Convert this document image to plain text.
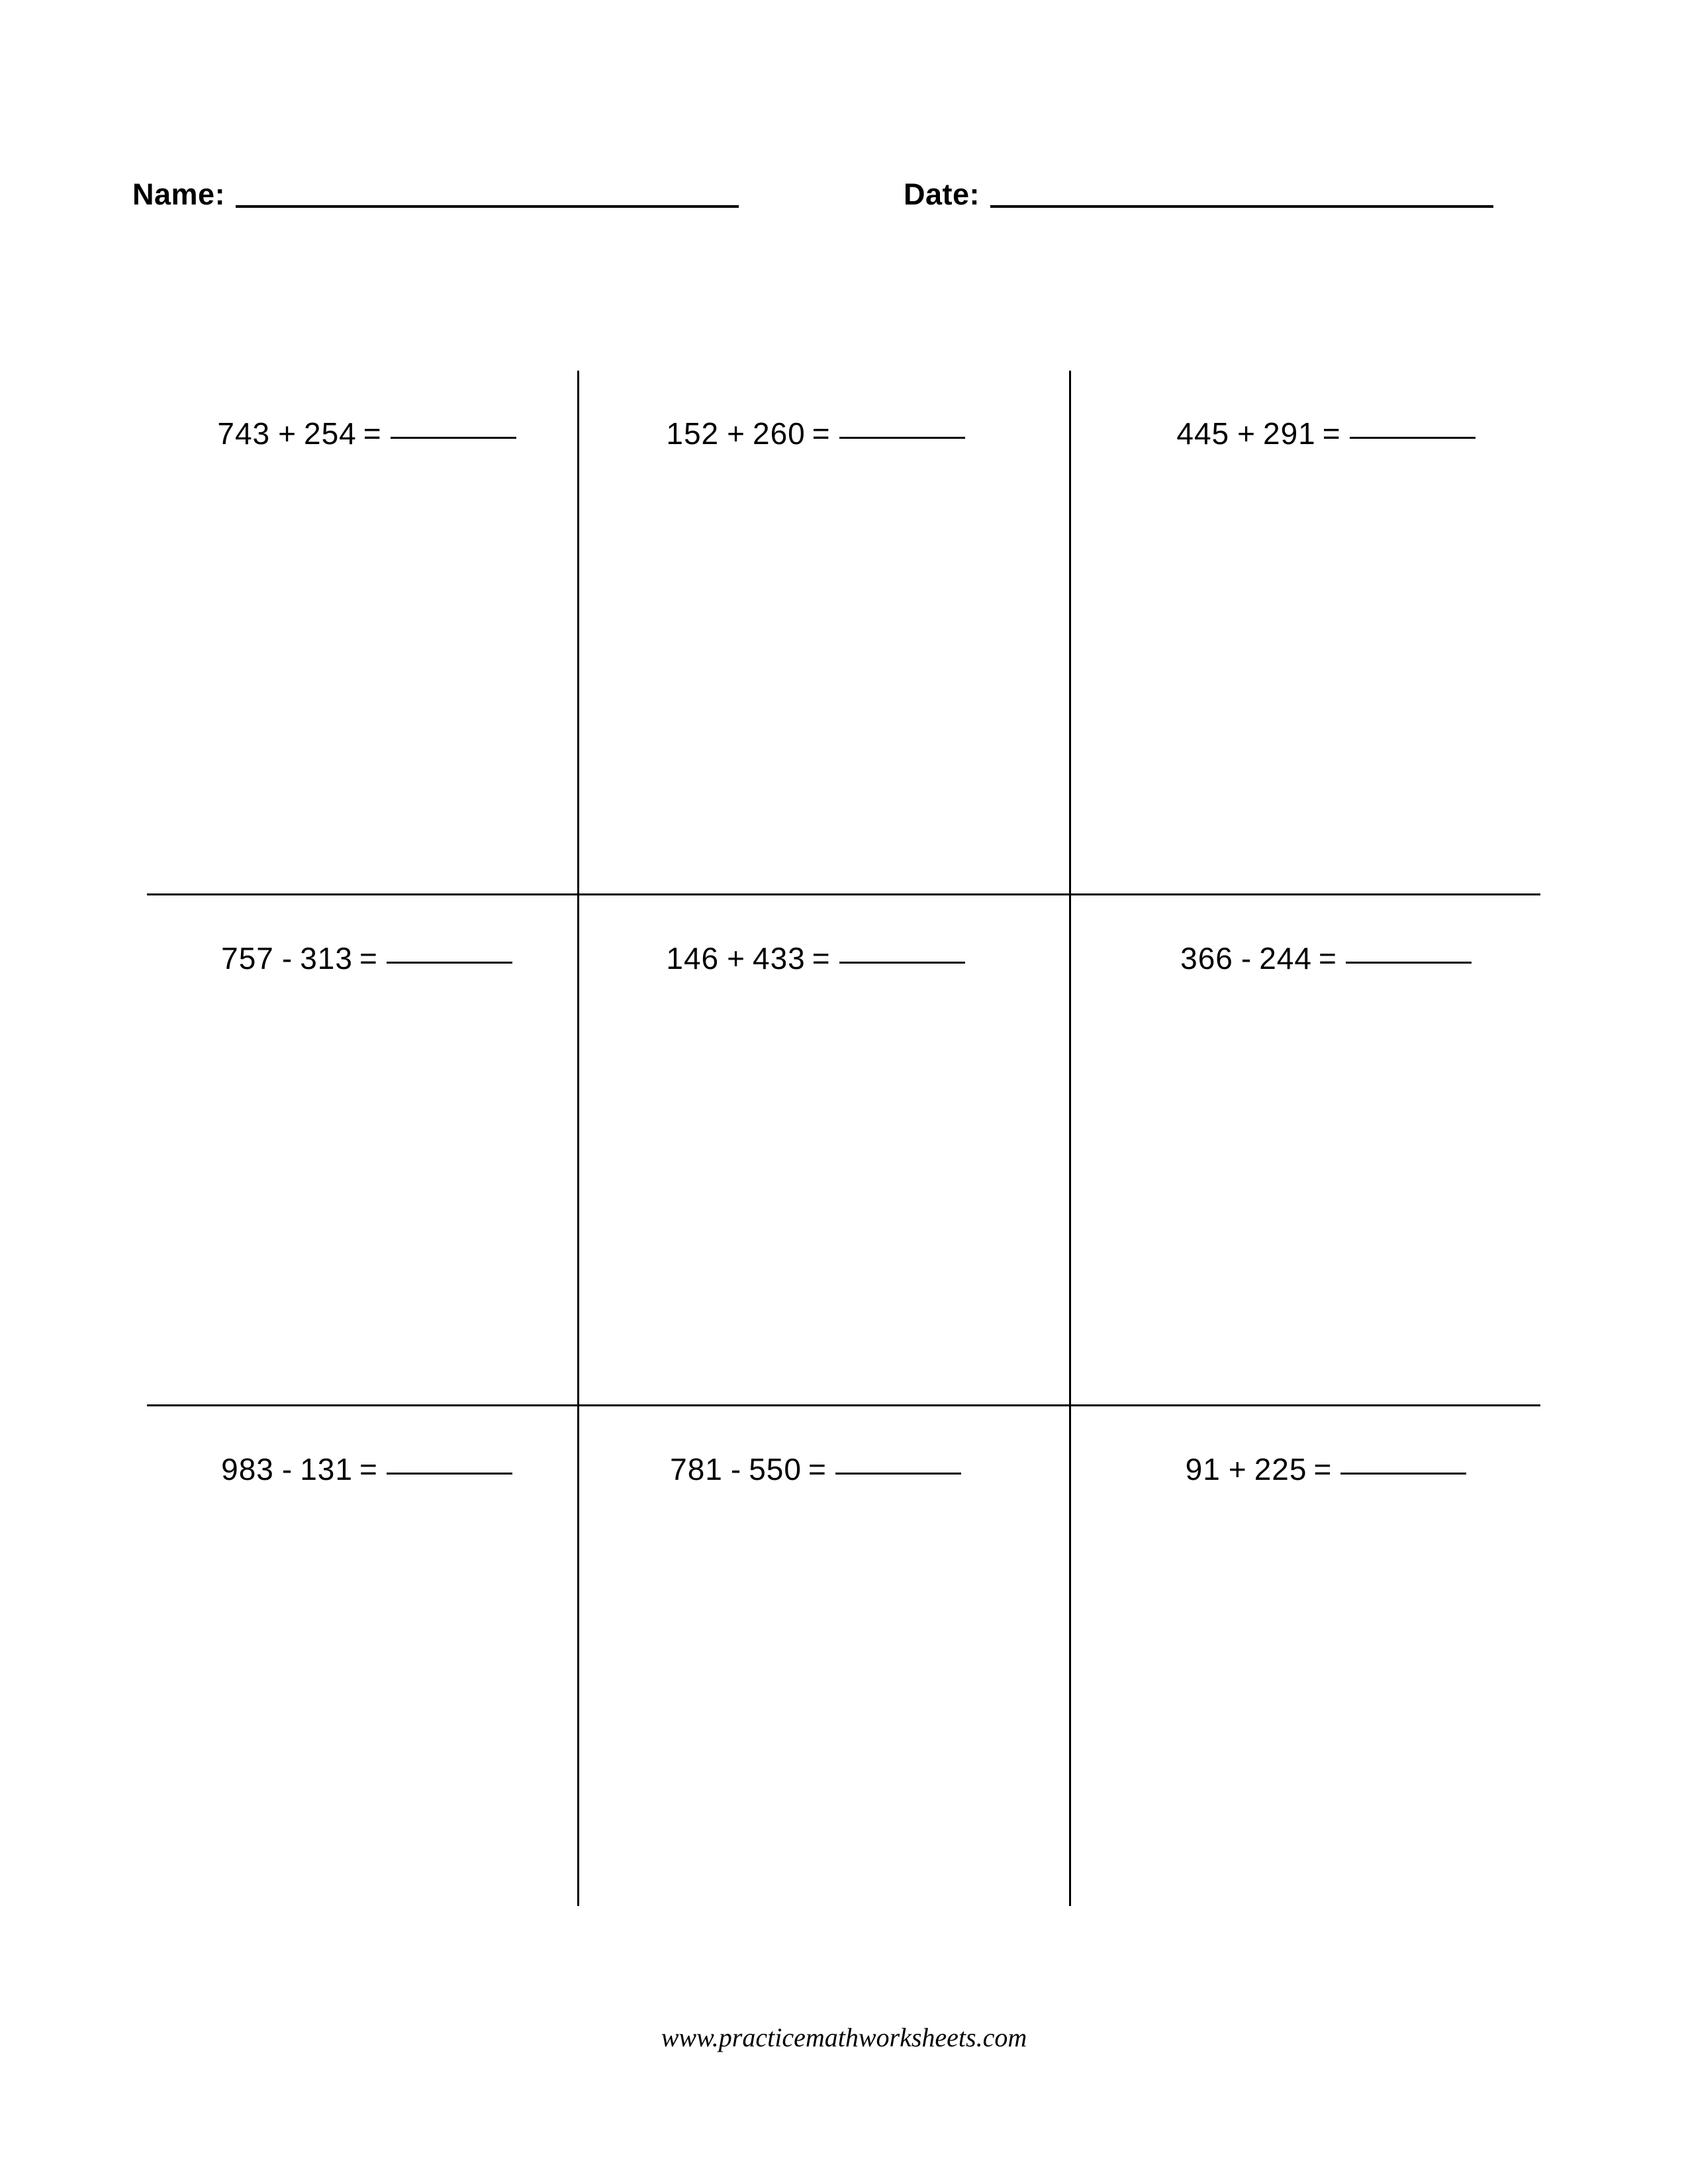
Name:	Date:
743 + 254 =	152 + 260 =	445 + 291 =
757 - 313 =	146 + 433 =	366 - 244 =
983 - 131 =	781 - 550 =	91 + 225 =
www.practicemathworksheets.com
